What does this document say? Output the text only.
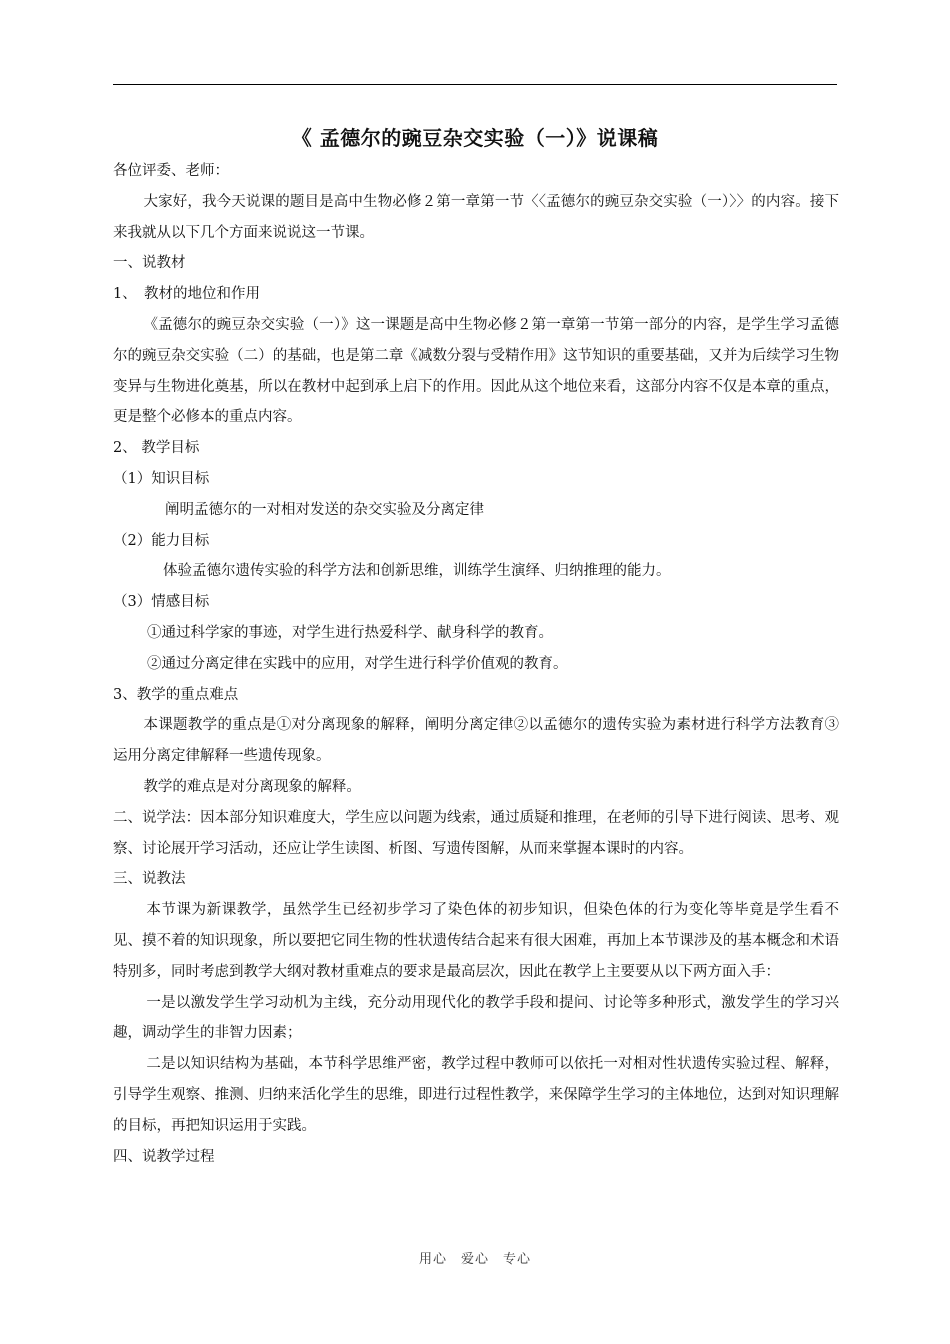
《 孟德尔的豌豆杂交实验（一）》说课稿

各位评委、老师：

大家好，我今天说课的题目是高中生物必修２第一章第一节〈〈孟德尔的豌豆杂交实验（一）〉〉的内容。接下来我就从以下几个方面来说说这一节课。

一、说教材

1、　教材的地位和作用

《孟德尔的豌豆杂交实验（一）》这一课题是高中生物必修２第一章第一节第一部分的内容，是学生学习孟德尔的豌豆杂交实验（二）的基础，也是第二章《减数分裂与受精作用》这节知识的重要基础，又并为后续学习生物变异与生物进化奠基，所以在教材中起到承上启下的作用。因此从这个地位来看，这部分内容不仅是本章的重点，更是整个必修本的重点内容。

2、 教学目标

（1）知识目标

阐明孟德尔的一对相对发送的杂交实验及分离定律

（2）能力目标

体验孟德尔遗传实验的科学方法和创新思维，训练学生演绎、归纳推理的能力。

（3）情感目标

①通过科学家的事迹，对学生进行热爱科学、献身科学的教育。

②通过分离定律在实践中的应用，对学生进行科学价值观的教育。

3、教学的重点难点

本课题教学的重点是①对分离现象的解释，阐明分离定律②以孟德尔的遗传实验为素材进行科学方法教育③运用分离定律解释一些遗传现象。

教学的难点是对分离现象的解释。

二、说学法：因本部分知识难度大，学生应以问题为线索，通过质疑和推理，在老师的引导下进行阅读、思考、观察、讨论展开学习活动，还应让学生读图、析图、写遗传图解，从而来掌握本课时的内容。

三、说教法

本节课为新课教学，虽然学生已经初步学习了染色体的初步知识，但染色体的行为变化等毕竟是学生看不见、摸不着的知识现象，所以要把它同生物的性状遗传结合起来有很大困难，再加上本节课涉及的基本概念和术语特别多，同时考虑到教学大纲对教材重难点的要求是最高层次，因此在教学上主要要从以下两方面入手：

一是以激发学生学习动机为主线，充分动用现代化的教学手段和提问、讨论等多种形式，激发学生的学习兴趣，调动学生的非智力因素；

二是以知识结构为基础，本节科学思维严密，教学过程中教师可以依托一对相对性状遗传实验过程、解释，引导学生观察、推测、归纳来活化学生的思维，即进行过程性教学，来保障学生学习的主体地位，达到对知识理解的目标，再把知识运用于实践。

四、说教学过程

用心　爱心　专心
